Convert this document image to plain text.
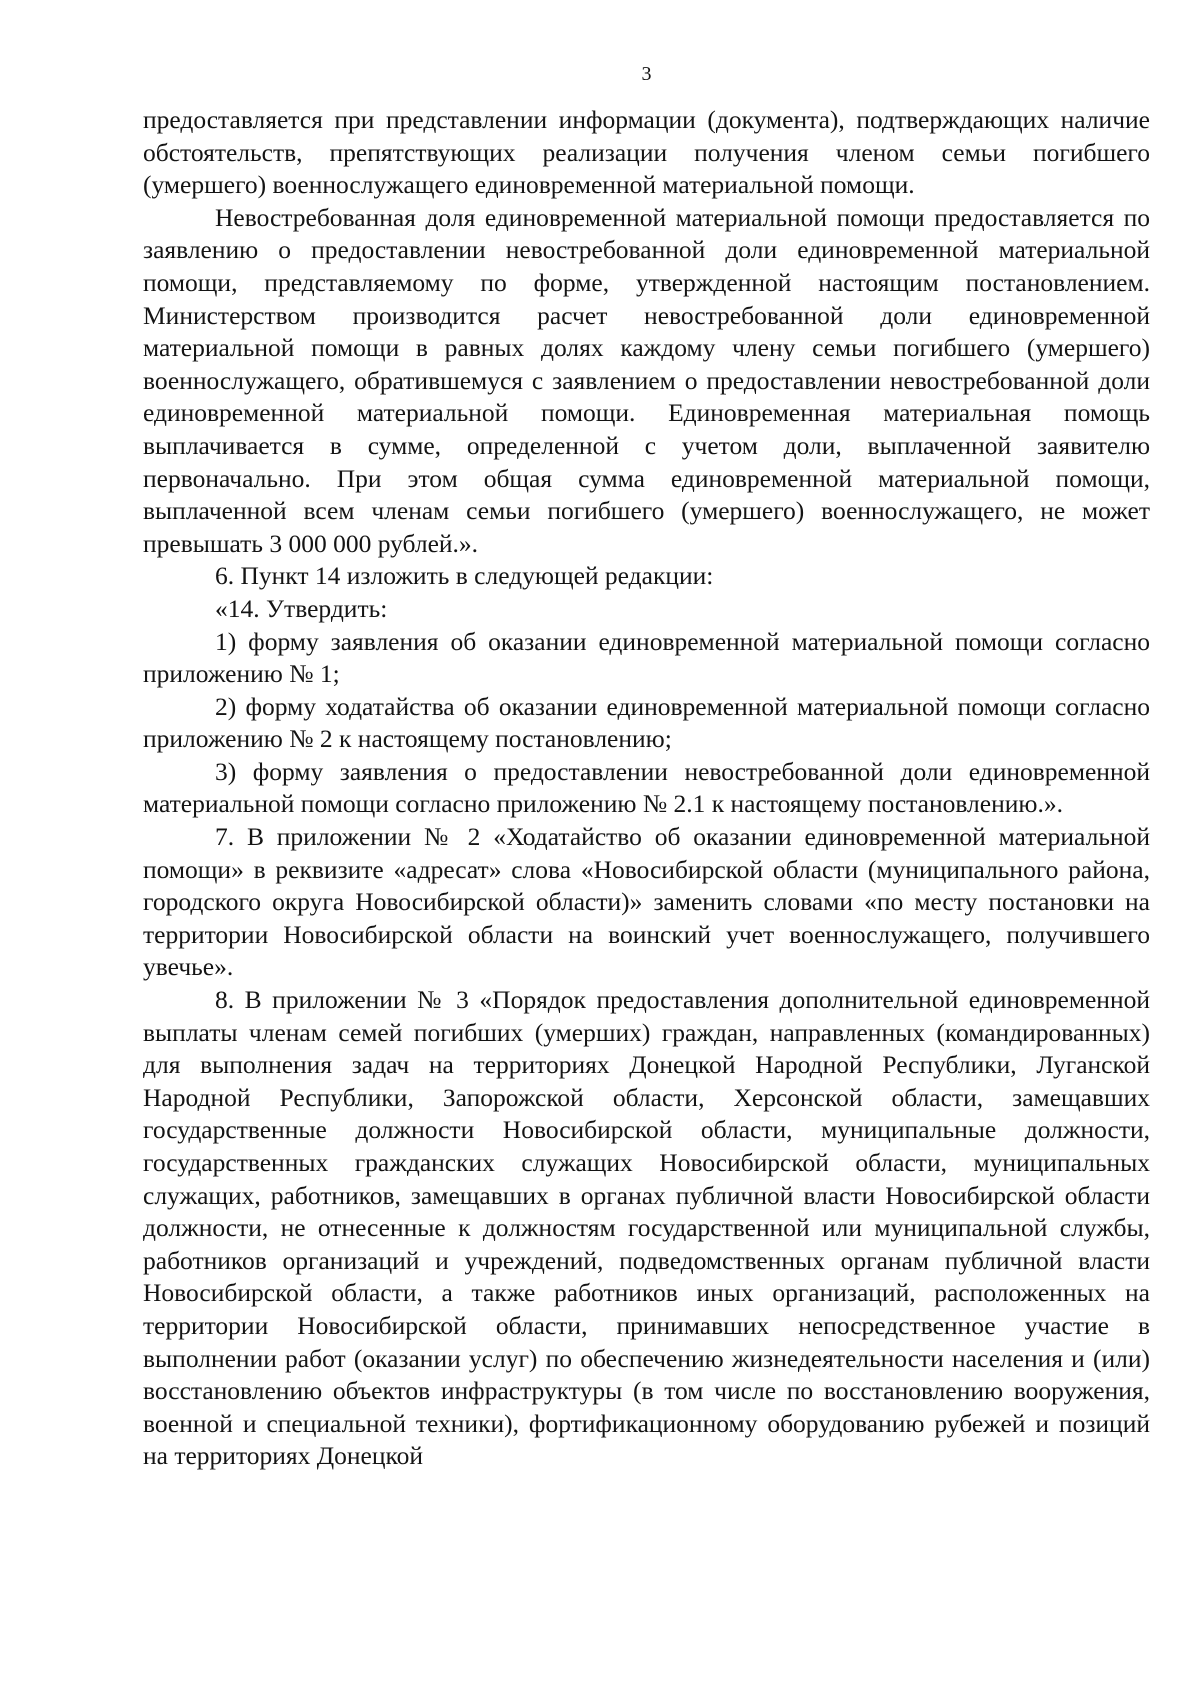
3

предоставляется при представлении информации (документа), подтверждающих наличие обстоятельств, препятствующих реализации получения членом семьи погибшего (умершего) военнослужащего единовременной материальной помощи.

Невостребованная доля единовременной материальной помощи предоставляется по заявлению о предоставлении невостребованной доли единовременной материальной помощи, представляемому по форме, утвержденной настоящим постановлением. Министерством производится расчет невостребованной доли единовременной материальной помощи в равных долях каждому члену семьи погибшего (умершего) военнослужащего, обратившемуся с заявлением о предоставлении невостребованной доли единовременной материальной помощи. Единовременная материальная помощь выплачивается в сумме, определенной с учетом доли, выплаченной заявителю первоначально. При этом общая сумма единовременной материальной помощи, выплаченной всем членам семьи погибшего (умершего) военнослужащего, не может превышать 3 000 000 рублей.».

6. Пункт 14 изложить в следующей редакции:

«14. Утвердить:

1) форму заявления об оказании единовременной материальной помощи согласно приложению № 1;

2) форму ходатайства об оказании единовременной материальной помощи согласно приложению № 2 к настоящему постановлению;

3) форму заявления о предоставлении невостребованной доли единовременной материальной помощи согласно приложению № 2.1 к настоящему постановлению.».

7. В приложении № 2 «Ходатайство об оказании единовременной материальной помощи» в реквизите «адресат» слова «Новосибирской области (муниципального района, городского округа Новосибирской области)» заменить словами «по месту постановки на территории Новосибирской области на воинский учет военнослужащего, получившего увечье».

8. В приложении № 3 «Порядок предоставления дополнительной единовременной выплаты членам семей погибших (умерших) граждан, направленных (командированных) для выполнения задач на территориях Донецкой Народной Республики, Луганской Народной Республики, Запорожской области, Херсонской области, замещавших государственные должности Новосибирской области, муниципальные должности, государственных гражданских служащих Новосибирской области, муниципальных служащих, работников, замещавших в органах публичной власти Новосибирской области должности, не отнесенные к должностям государственной или муниципальной службы, работников организаций и учреждений, подведомственных органам публичной власти Новосибирской области, а также работников иных организаций, расположенных на территории Новосибирской области, принимавших непосредственное участие в выполнении работ (оказании услуг) по обеспечению жизнедеятельности населения и (или) восстановлению объектов инфраструктуры (в том числе по восстановлению вооружения, военной и специальной техники), фортификационному оборудованию рубежей и позиций на территориях Донецкой
